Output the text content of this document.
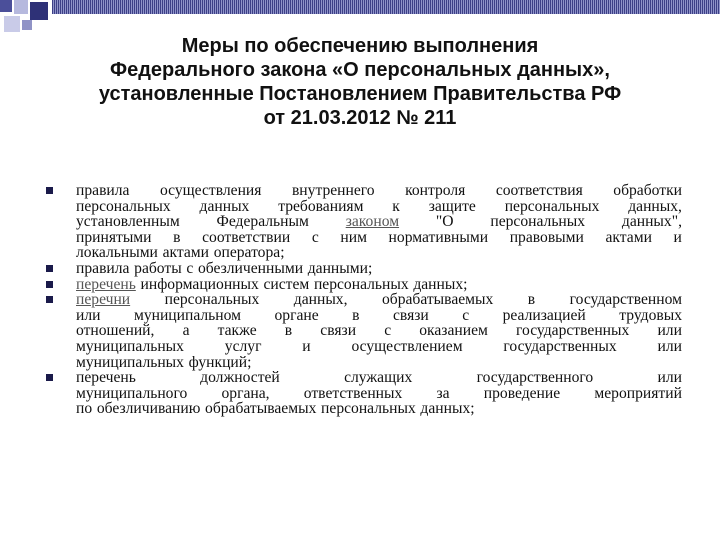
Меры по обеспечению выполнения
Федерального закона «О персональных данных»,
установленные Постановлением Правительства РФ
от 21.03.2012 № 211
правила осуществления внутреннего контроля соответствия обработки
персональных данных требованиям к защите персональных данных,
установленным Федеральным законом "О персональных данных",
принятыми в соответствии с ним нормативными правовыми актами и
локальными актами оператора;
правила работы с обезличенными данными;
перечень информационных систем персональных данных;
перечни персональных данных, обрабатываемых в государственном
или муниципальном органе в связи с реализацией трудовых
отношений, а также в связи с оказанием государственных или
муниципальных	услуг	и	осуществлением	государственных	или
муниципальных функций;
перечень	должностей	служащих	государственного	или
муниципального органа, ответственных за проведение мероприятий
по обезличиванию обрабатываемых персональных данных;
